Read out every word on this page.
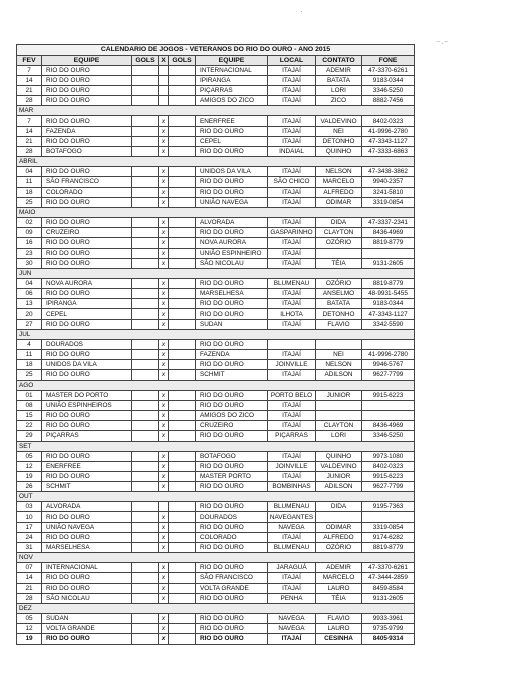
·
⁻·⁻
CALENDARIO DE JOGOS - VETERANOS DO RIO DO OURO - ANO 2015								
FEV	EQUIPE	GOLS	X	GOLS	EQUIPE	LOCAL	CONTATO	FONE
7	RIO DO OURO				INTERNACIONAL	ITAJAÍ	ADEMIR	47-3370-6261
14	RIO DO OURO				IPIRANGA	ITAJAÍ	BATATA	9183-0344
21	RIO DO OURO				PIÇARRAS	ITAJAÍ	LORI	3346-5250
28	RIO DO OURO				AMIGOS DO ZICO	ITAJAÍ	ZICO	8882-7456
MAR								
7	RIO DO OURO		x		ENERFREE	ITAJAÍ	VALDEVINO	8402-0323
14	FAZENDA		x		RIO DO OURO	ITAJAÍ	NEI	41-9996-2780
21	RIO DO OURO		x		CEPEL	ITAJAÍ	DETONHO	47-3343-1127
28	BOTAFOGO		x		RIO DO OURO	INDAIAL	QUINHO	47-3333-6863
ABRIL								
04	RIO DO OURO		x		UNIDOS DA VILA	ITAJAÍ	NELSON	47-3438-3862
11	SÃO FRANCISCO		x		RIO DO OURO	SÃO CHICO	MARCELO	9940-2357
18	COLORADO		x		RIO DO OURO	ITAJAÍ	ALFREDO	3241-5810
25	RIO DO OURO		x		UNIÃO NAVEGA	ITAJAÍ	ODIMAR	3319-0854
MAIO								
02	RIO DO OURO		x		ALVORADA	ITAJAÍ	DIDA	47-3337-2341
09	CRUZEIRO		x		RIO DO OURO	GASPARINHO	CLAYTON	8436-4969
16	RIO DO OURO		x		NOVA AURORA	ITAJAÍ	OZÓRIO	8819-8779
23	RIO DO OURO		x		UNIÃO ESPINHEIRO	ITAJAÍ		
30	RIO DO OURO		x		SÃO NICOLAU	ITAJAÍ	TÉIA	9131-2605
JUN								
04	NOVA AURORA		x		RIO DO OURO	BLUMENAU	OZÓRIO	8819-8779
06	RIO DO OURO		x		MARSELHESA	ITAJAÍ	ANSELMO	48-9931-5455
13	IPIRANGA		x		RIO DO OURO	ITAJAÍ	BATATA	9183-0344
20	CEPEL		x		RIO DO OURO	ILHOTA	DETONHO	47-3343-1127
27	RIO DO OURO		x		SUDAN	ITAJAÍ	FLAVIO	3342-5590
JUL								
4	DOURADOS		x		RIO DO OURO			
11	RIO DO OURO		x		FAZENDA	ITAJAÍ	NEI	41-9996-2780
18	UNIDOS DA VILA		x		RIO DO OURO	JOINVILLE	NELSON	9946-5767
25	RIO DO OURO		x		SCHMIT	ITAJAÍ	ADILSON	9627-7799
AGO								
01	MASTER DO PORTO		x		RIO DO OURO	PORTO BELO	JUNIOR	9915-6223
08	UNIÃO ESPINHEIROS		x		RIO DO OURO	ITAJAÍ		
15	RIO DO OURO		x		AMIGOS DO ZICO	ITAJAÍ		
22	RIO DO OURO		x		CRUZEIRO	ITAJAÍ	CLAYTON	8436-4969
29	PIÇARRAS		x		RIO DO OURO	PIÇARRAS	LORI	3346-5250
SET								
05	RIO DO OURO		x		BOTAFOGO	ITAJAÍ	QUINHO	9973-1080
12	ENERFREE		x		RIO DO OURO	JOINVILLE	VALDEVINO	8402-0323
19	RIO DO OURO		x		MASTER PORTO	ITAJAÍ	JUNIOR	9915-6223
26	SCHMIT		x		RIO DO OURO	BOMBINHAS	ADILSON	9627-7799
OUT								
03	ALVORADA				RIO DO OURO	BLUMENAU	DIDA	9195-7363
10	RIO DO OURO		x		DOURADOS	NAVEGANTES		
17	UNIÃO NAVEGA		x		RIO DO OURO	NAVEGA	ODIMAR	3319-0854
24	RIO DO OURO		x		COLORADO	ITAJAÍ	ALFREDO	9174-6282
31	MARSELHESA		x		RIO DO OURO	BLUMENAU	OZÓRIO	8819-8779
NOV								
07	INTERNACIONAL		x		RIO DO OURO	JARAGUÁ	ADEMIR	47-3370-6261
14	RIO DO OURO		x		SÃO FRANCISCO	ITAJAÍ	MARCELO	47-3444-2859
21	RIO DO OURO		x		VOLTA GRANDE	ITAJAÍ	LAURO	8459-8584
28	SÃO NICOLAU		x		RIO DO OURO	PENHA	TÉIA	9131-2605
DEZ								
05	SUDAN		x		RIO DO OURO	NAVEGA	FLAVIO	9933-3961
12	VOLTA GRANDE		x		RIO DO OURO	NAVEGA	LAURO	9735-9799
19	RIO DO OURO		x		RIO DO OURO	ITAJAÍ	CESINHA	8405-9314
